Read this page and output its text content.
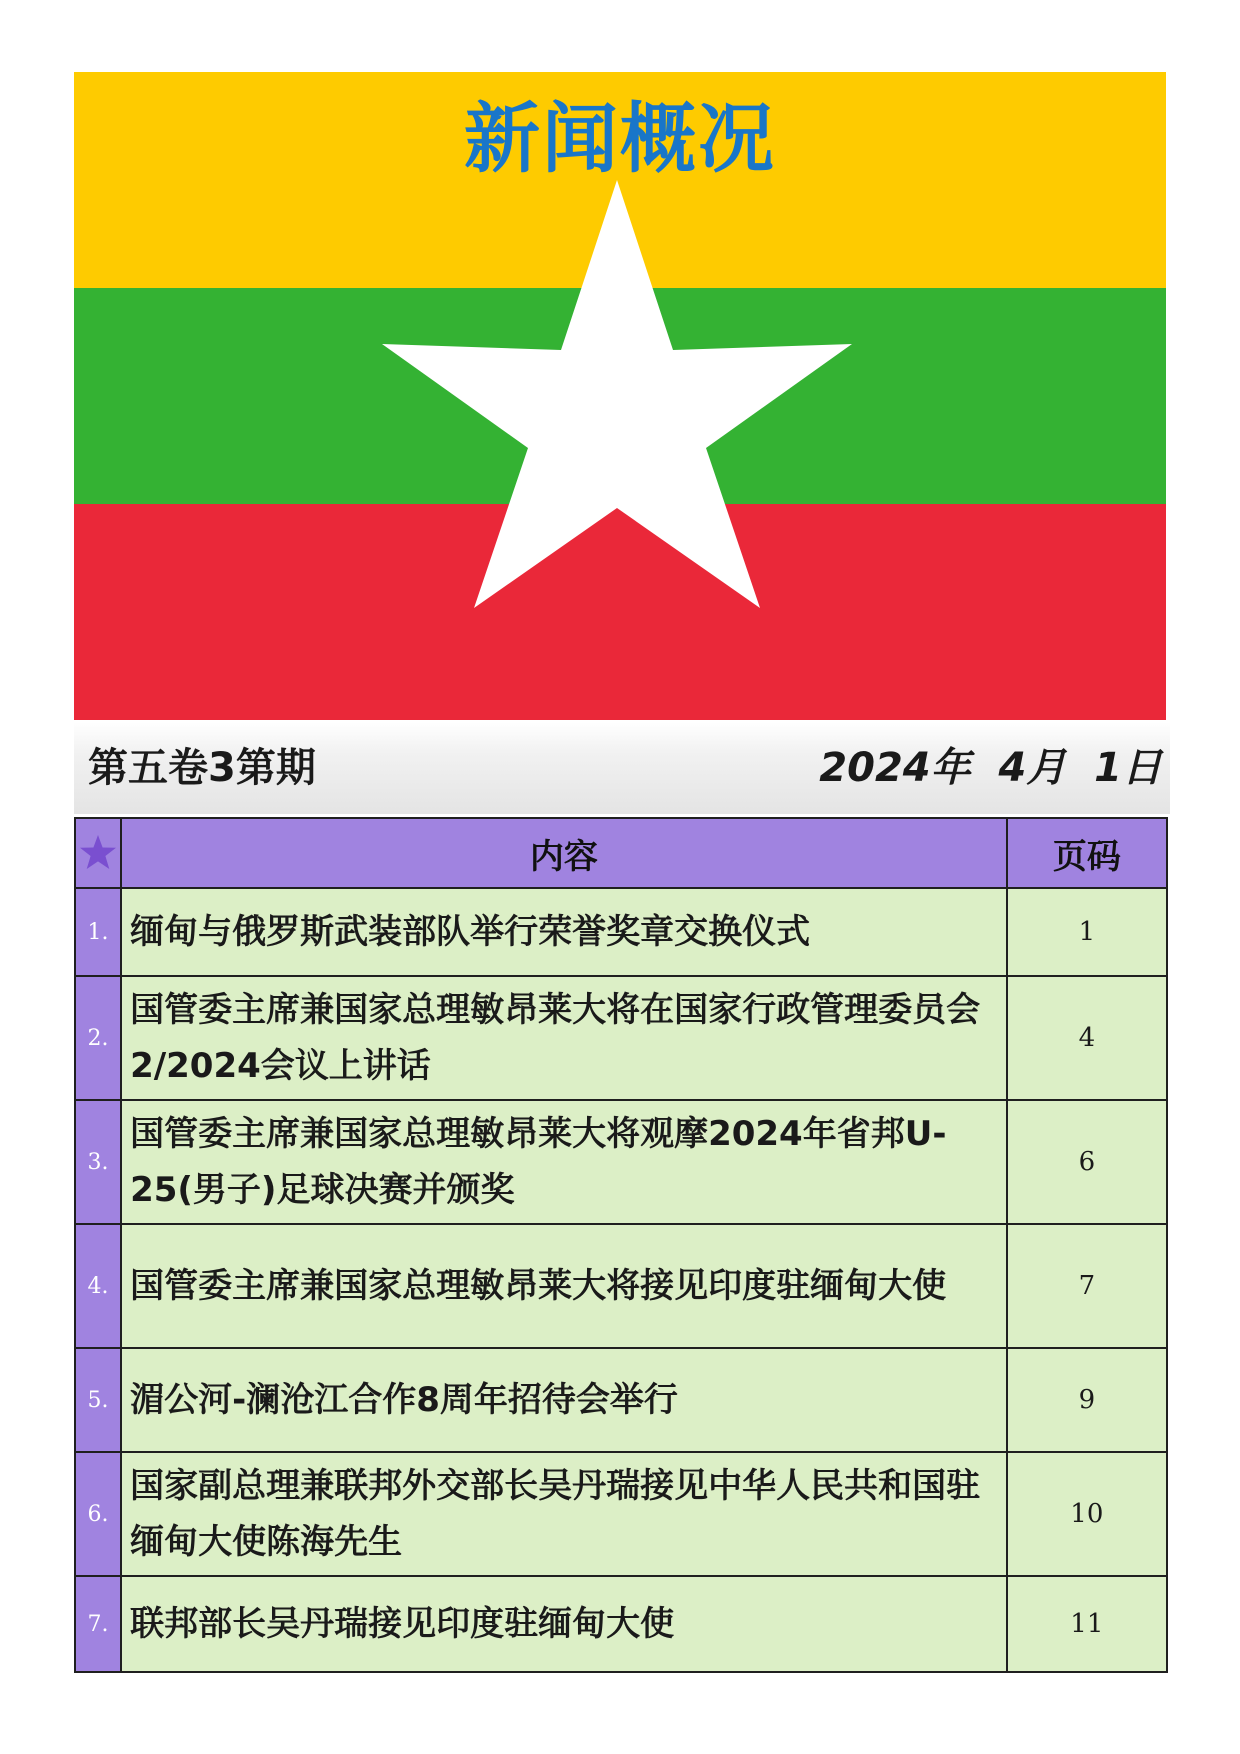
新闻概况
第五卷3第期	2024年  4月  1日
	内容	页码
1.	缅甸与俄罗斯武装部队举行荣誉奖章交换仪式	1
2.	国管委主席兼国家总理敏昂莱大将在国家行政管理委员会2/2024会议上讲话	4
3.	国管委主席兼国家总理敏昂莱大将观摩2024年省邦U-25(男子)足球决赛并颁奖	6
4.	国管委主席兼国家总理敏昂莱大将接见印度驻缅甸大使	7
5.	湄公河-澜沧江合作8周年招待会举行	9
6.	国家副总理兼联邦外交部长吴丹瑞接见中华人民共和国驻缅甸大使陈海先生	10
7.	联邦部长吴丹瑞接见印度驻缅甸大使	11
